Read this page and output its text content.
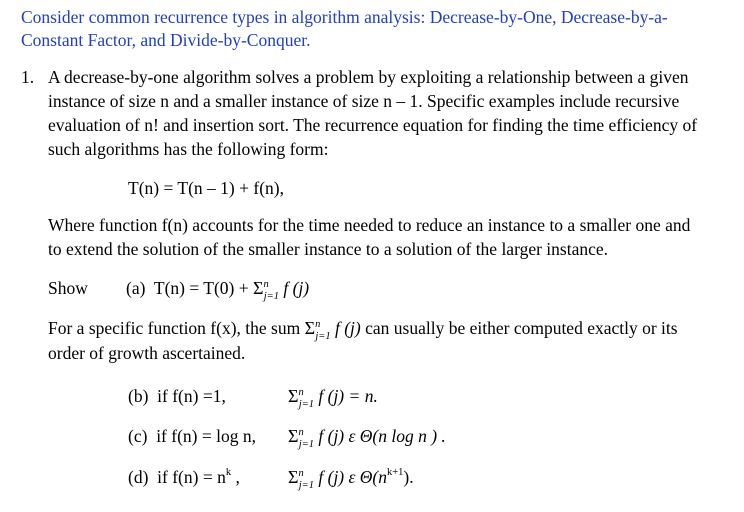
Consider common recurrence types in algorithm analysis: Decrease-by-One, Decrease-by-a-
Constant Factor, and Divide-by-Conquer.
1. A decrease-by-one algorithm solves a problem by exploiting a relationship between a given
instance of size n and a smaller instance of size n – 1. Specific examples include recursive
evaluation of n! and insertion sort. The recurrence equation for finding the time efficiency of
such algorithms has the following form:
T(n) = T(n – 1) + f(n),
Where function f(n) accounts for the time needed to reduce an instance to a smaller one and
to extend the solution of the smaller instance to a solution of the larger instance.
Show (a) $T(n) = T(0) + \Sigma^n_{j=1}$ f (j)
For a specific function f(x), the sum $\Sigma^n_{j=1}$ f (j) can usually be either computed exactly or its
order of growth ascertained.
(b) if f(n) =1,	$\Sigma^n_{j=1}$ f (j) = n.
(c) if f(n) = log n, $\Sigma^n_{j=1}$ f (j) ε Θ(n log n ) .
(d) if $f(n) = n^k$ ,	$\Sigma^n_{j=1}$ f (j) ε $\Theta(n^{k+1})$.
